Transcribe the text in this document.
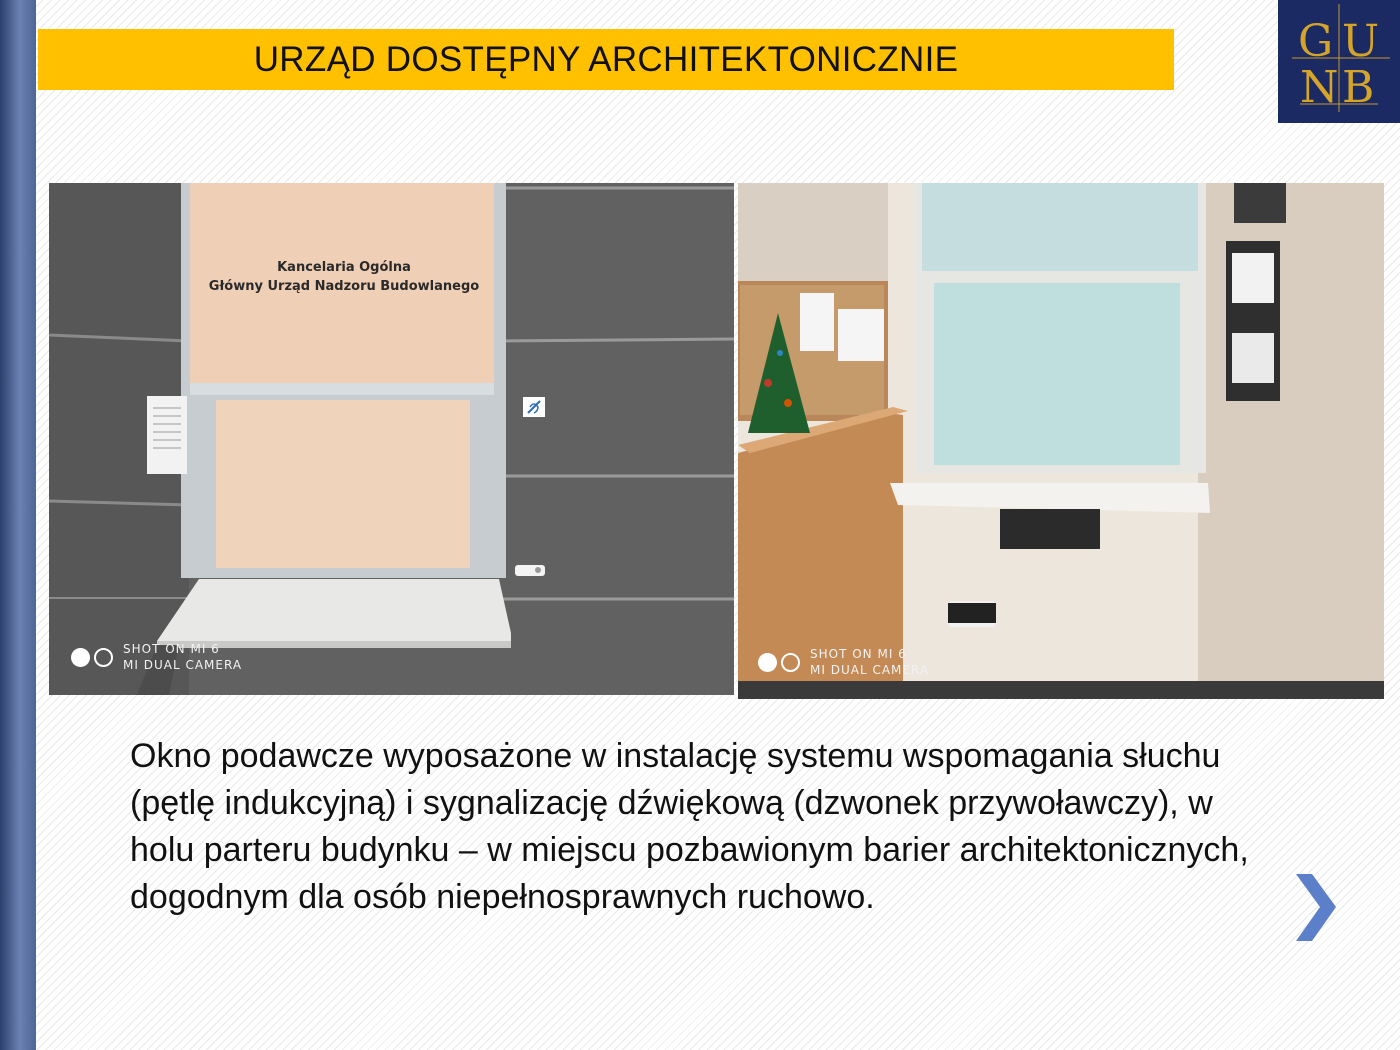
URZĄD DOSTĘPNY ARCHITEKTONICZNIE	G U
N B
Kancelaria Ogólna
Główny Urząd Nadzoru Budowlanego
SHOT ON MI 6
MI DUAL CAMERA
SHOT ON MI 6
MI DUAL CAMERA

Okno podawcze wyposażone w instalację systemu wspomagania słuchu (pętlę indukcyjną) i sygnalizację dźwiękową (dzwonek przywoławczy), w holu parteru budynku – w miejscu pozbawionym barier architektonicznych, dogodnym dla osób niepełnosprawnych ruchowo.
